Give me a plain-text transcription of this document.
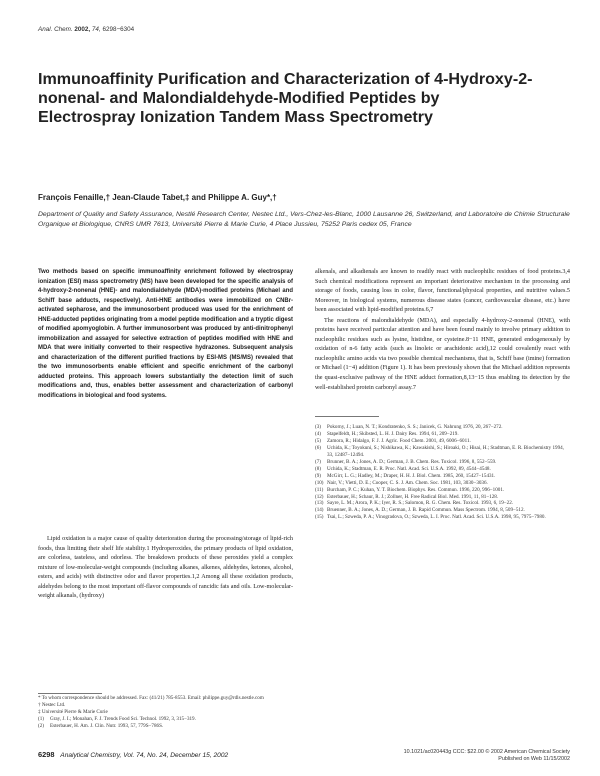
Anal. Chem. 2002, 74, 6298−6304
Immunoaffinity Purification and Characterization of 4-Hydroxy-2-nonenal- and Malondialdehyde-Modified Peptides by Electrospray Ionization Tandem Mass Spectrometry
François Fenaille,† Jean-Claude Tabet,‡ and Philippe A. Guy*,†
Department of Quality and Safety Assurance, Nestlé Research Center, Nestec Ltd., Vers-Chez-les-Blanc, 1000 Lausanne 26, Switzerland, and Laboratoire de Chimie Structurale Organique et Biologique, CNRS UMR 7613, Université Pierre & Marie Curie, 4 Place Jussieu, 75252 Paris cedex 05, France
Two methods based on specific immunoaffinity enrichment followed by electrospray ionization (ESI) mass spectrometry (MS) have been developed for the specific analysis of 4-hydroxy-2-nonenal (HNE)- and malondialdehyde (MDA)-modified proteins (Michael and Schiff base adducts, respectively). Anti-HNE antibodies were immobilized on CNBr-activated sepharose, and the immunosorbent produced was used for the enrichment of HNE-adducted peptides originating from a model peptide modification and a tryptic digest of modified apomyoglobin. A further immunosorbent was produced by anti-dinitrophenyl immobilization and assayed for selective extraction of peptides modified with HNE and MDA that were initially converted to their respective hydrazones. Subsequent analysis and characterization of the different purified fractions by ESI-MS (MS/MS) revealed that the two immunosorbents enable efficient and specific enrichment of the carbonyl adducted proteins. This approach lowers substantially the detection limit of such modifications and, thus, enables better assessment and characterization of carbonyl modifications in biological and food systems.
Lipid oxidation is a major cause of quality deterioration during the processing/storage of lipid-rich foods, thus limiting their shelf life stability.1 Hydroperoxides, the primary products of lipid oxidation, are colorless, tasteless, and odorless. The breakdown products of these peroxides yield a complex mixture of low-molecular-weight compounds (including alkanes, alkenes, aldehydes, ketones, alcohol, esters, and acids) with distinctive odor and flavor properties.1,2 Among all these oxidation products, aldehydes belong to the most important off-flavor compounds of rancidic fats and oils. Low-molecular-weight alkanals, (hydroxy)
* To whom correspondence should be addressed. Fax: (41/21) 785-8553. Email: philippe.guy@rdls.nestle.com
† Nestec Ltd.
‡ Université Pierre & Marie Curie
(1)	Gray, J. I.; Monahan, F. J. Trends Food Sci. Technol. 1992, 3, 315−319.
(2)	Esterbauer, H. Am. J. Clin. Nutr. 1993, 57, 779S−786S.

alkenals, and alkadienals are known to readily react with nucleophilic residues of food proteins.3,4 Such chemical modifications represent an important deteriorative mechanism in the processing and storage of foods, causing loss in color, flavor, functional/physical properties, and nutritive values.5 Moreover, in biological systems, numerous disease states (cancer, cardiovascular disease, etc.) have been associated with lipid-modified proteins.6,7

The reactions of malondialdehyde (MDA), and especially 4-hydroxy-2-nonenal (HNE), with proteins have received particular attention and have been found mainly to involve primary addition to nucleophilic residues such as lysine, histidine, or cysteine.8−11 HNE, generated endogeneously by oxidation of n-6 fatty acids (such as linoleic or arachidonic acid),12 could covalently react with nucleophilic amino acids via two possible chemical mechanisms, that is, Schiff base (imine) formation or Michael (1−4) addition (Figure 1). It has been previously shown that the Michael addition represents the quasi-exclusive pathway of the HNE adduct formation,8,13−15 thus enabling its detection by the well-established protein carbonyl assay.7

(3)	Pokorny, J.; Luan, N. T.; Kondratenko, S. S.; Janicek, G. Nahrung 1976, 20, 267−272.
(4)	Stapelfeldt, H.; Skibsted, L. H. J. Dairy Res. 1994, 61, 209−219.
(5)	Zamora, R.; Hidalgo, F. J. J. Agric. Food Chem. 2001, 49, 6006−6011.
(6)	Uchida, K.; Toyokuni, S.; Nishikawa, K.; Kawakishi, S.; Hiroaki, O.; Hisai, H.; Stadtman, E. R. Biochemistry 1994, 33, 12487−12494.
(7)	Brunner, B. A.; Jones, A. D.; German, J. B. Chem. Res. Toxicol. 1996, 8, 552−559.
(8)	Uchida, K.; Stadtman, E. R. Proc. Natl. Acad. Sci. U.S.A. 1992, 89, 4544−4548.
(9)	McGirr, L. G.; Hadley, M.; Draper, H. H. J. Biol. Chem. 1985, 260, 15427−15431.
(10) Nair, V.; Vietti, D. E.; Cooper, C. S. J. Am. Chem. Soc. 1981, 103, 3030−3036.
(11) Burcham, P. C.; Kuhan, Y. T. Biochem. Biophys. Res. Commun. 1996, 220, 996−1001.
(12) Esterbauer, H.; Schaur, R. J.; Zollner, H. Free Radical Biol. Med. 1991, 11, 81−128.
(13) Sayre, L. M.; Arora, P. K.; Iyer, R. S.; Salomon, R. G. Chem. Res. Toxicol. 1993, 6, 19−22.
(14) Bruenner, B. A.; Jones, A. D.; German, J. B. Rapid Commun. Mass Spectrom. 1994, 8, 509−512.
(15) Tsai, L.; Szweda, P. A.; Vinogradova, O.; Szweda, L. I. Proc. Natl. Acad. Sci. U.S.A. 1998, 95, 7975−7980.
6298 Analytical Chemistry, Vol. 74, No. 24, December 15, 2002	10.1021/ac020443g CCC: $22.00 © 2002 American Chemical Society
Published on Web 11/15/2002
